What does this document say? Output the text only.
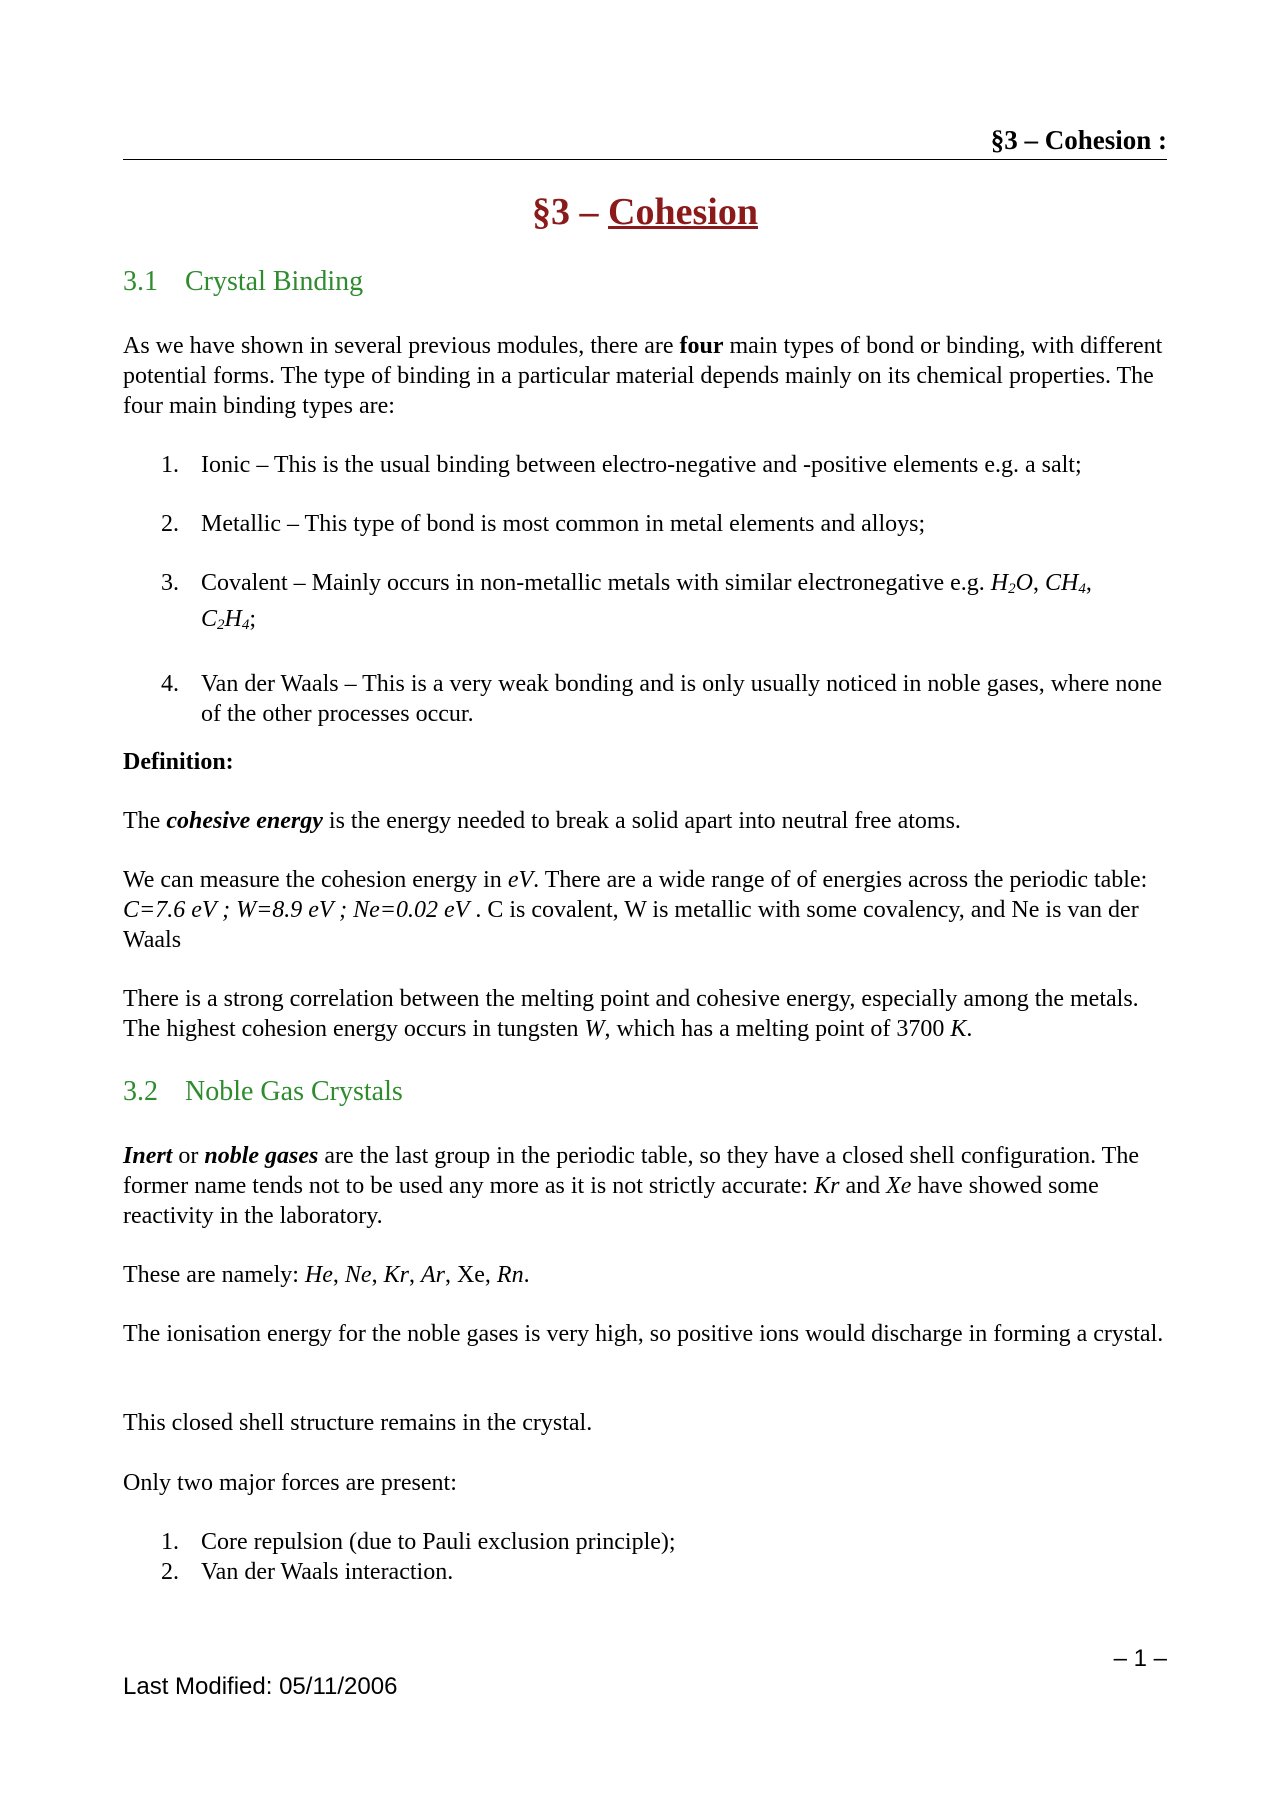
§3 – Cohesion :
§3 – Cohesion
3.1 Crystal Binding
As we have shown in several previous modules, there are four main types of bond or binding, with different potential forms. The type of binding in a particular material depends mainly on its chemical properties. The four main binding types are:
1. Ionic – This is the usual binding between electro-negative and -positive elements e.g. a salt;
2. Metallic – This type of bond is most common in metal elements and alloys;
3. Covalent – Mainly occurs in non-metallic metals with similar electronegative e.g. $H_2O$, $CH_4$,
$C_2H_4$;
4. Van der Waals – This is a very weak bonding and is only usually noticed in noble gases, where none of the other processes occur.
Definition:
The cohesive energy is the energy needed to break a solid apart into neutral free atoms.
We can measure the cohesion energy in eV. There are a wide range of of energies across the periodic table: C=7.6 eV ; W=8.9 eV ; Ne=0.02 eV . C is covalent, W is metallic with some covalency, and Ne is van der Waals
There is a strong correlation between the melting point and cohesive energy, especially among the metals. The highest cohesion energy occurs in tungsten W, which has a melting point of 3700 K.
3.2 Noble Gas Crystals
Inert or noble gases are the last group in the periodic table, so they have a closed shell configuration. The former name tends not to be used any more as it is not strictly accurate: Kr and Xe have showed some reactivity in the laboratory.
These are namely: He, Ne, Kr, Ar, Xe, Rn.
The ionisation energy for the noble gases is very high, so positive ions would discharge in forming a crystal.
This closed shell structure remains in the crystal.
Only two major forces are present:
1. Core repulsion (due to Pauli exclusion principle);
2. Van der Waals interaction.
– 1 –
Last Modified: 05/11/2006
